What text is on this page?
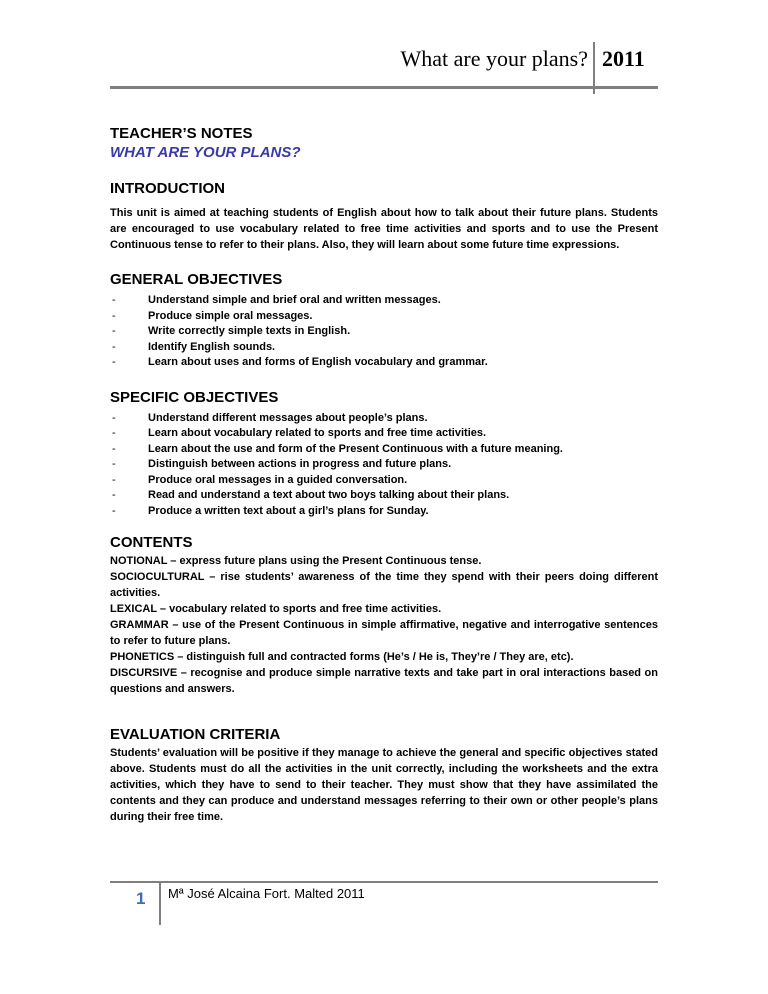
What are your plans? 2011
TEACHER’S NOTES
WHAT ARE YOUR PLANS?
INTRODUCTION

This unit is aimed at teaching students of English about how to talk about their future plans. Students are encouraged to use vocabulary related to free time activities and sports and to use the Present Continuous tense to refer to their plans. Also, they will learn about some future time expressions.

GENERAL OBJECTIVES
- Understand simple and brief oral and written messages.
- Produce simple oral messages.
- Write correctly simple texts in English.
- Identify English sounds.
- Learn about uses and forms of English vocabulary and grammar.
SPECIFIC OBJECTIVES
- Understand different messages about people’s plans.
- Learn about vocabulary related to sports and free time activities.
- Learn about the use and form of the Present Continuous with a future meaning.
- Distinguish between actions in progress and future plans.
- Produce oral messages in a guided conversation.
- Read and understand a text about two boys talking about their plans.
- Produce a written text about a girl’s plans for Sunday.
CONTENTS

NOTIONAL – express future plans using the Present Continuous tense.

SOCIOCULTURAL – rise students’ awareness of the time they spend with their peers doing different activities.

LEXICAL – vocabulary related to sports and free time activities.

GRAMMAR – use of the Present Continuous in simple affirmative, negative and interrogative sentences to refer to future plans.

PHONETICS – distinguish full and contracted forms (He’s / He is, They’re / They are, etc).

DISCURSIVE – recognise and produce simple narrative texts and take part in oral interactions based on questions and answers.

EVALUATION CRITERIA

Students’ evaluation will be positive if they manage to achieve the general and specific objectives stated above. Students must do all the activities in the unit correctly, including the worksheets and the extra activities, which they have to send to their teacher. They must show that they have assimilated the contents and they can produce and understand messages referring to their own or other people’s plans during their free time.

1 Mª José Alcaina Fort. Malted 2011
